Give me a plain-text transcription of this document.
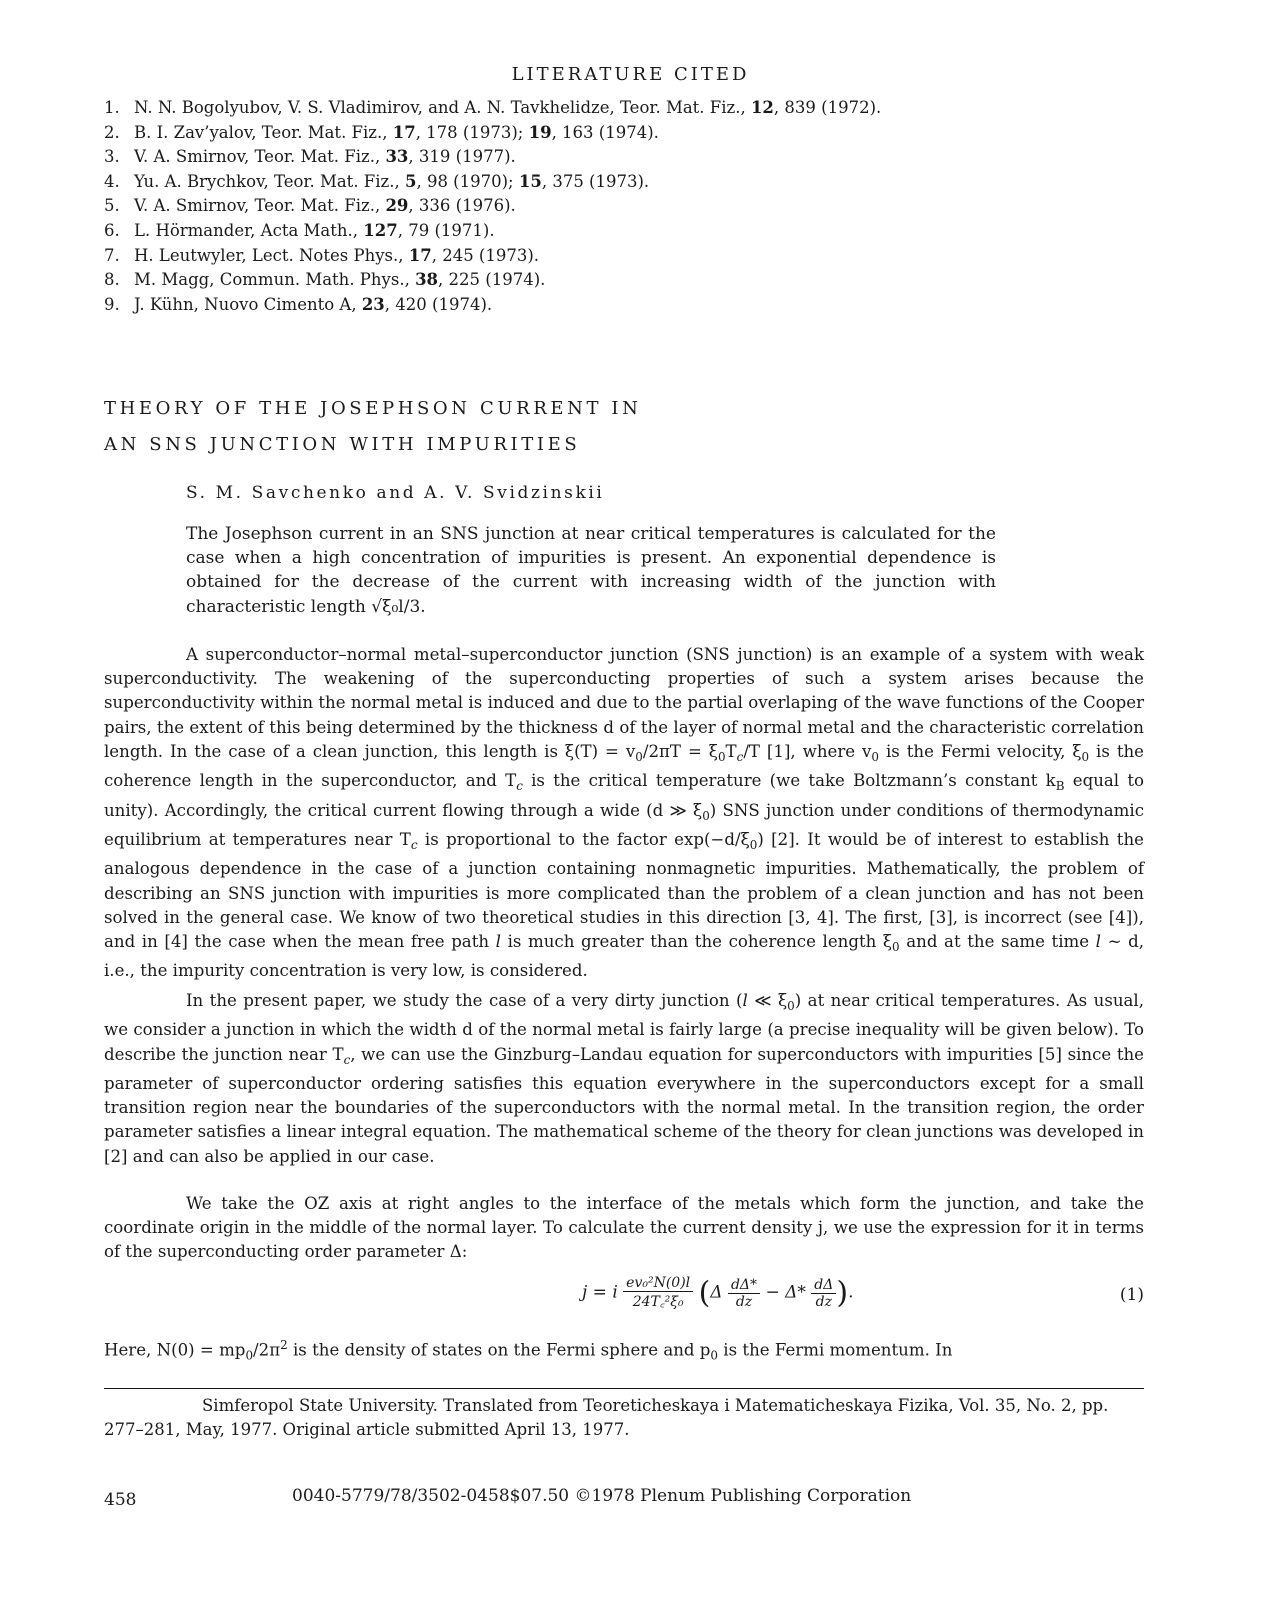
LITERATURE CITED
1. N. N. Bogolyubov, V. S. Vladimirov, and A. N. Tavkhelidze, Teor. Mat. Fiz., 12, 839 (1972).
2. B. I. Zav’yalov, Teor. Mat. Fiz., 17, 178 (1973); 19, 163 (1974).
3. V. A. Smirnov, Teor. Mat. Fiz., 33, 319 (1977).
4. Yu. A. Brychkov, Teor. Mat. Fiz., 5, 98 (1970); 15, 375 (1973).
5. V. A. Smirnov, Teor. Mat. Fiz., 29, 336 (1976).
6. L. Hörmander, Acta Math., 127, 79 (1971).
7. H. Leutwyler, Lect. Notes Phys., 17, 245 (1973).
8. M. Magg, Commun. Math. Phys., 38, 225 (1974).
9. J. Kühn, Nuovo Cimento A, 23, 420 (1974).
THEORY OF THE JOSEPHSON CURRENT IN
AN SNS JUNCTION WITH IMPURITIES
S. M. Savchenko and A. V. Svidzinskii

The Josephson current in an SNS junction at near critical temperatures is calculated for the case when a high concentration of impurities is present. An exponential dependence is obtained for the decrease of the current with increasing width of the junction with characteristic length √ξ₀l/3.

A superconductor–normal metal–superconductor junction (SNS junction) is an example of a system with weak superconductivity. The weakening of the superconducting properties of such a system arises because the superconductivity within the normal metal is induced and due to the partial overlaping of the wave functions of the Cooper pairs, the extent of this being determined by the thickness d of the layer of normal metal and the characteristic correlation length. In the case of a clean junction, this length is $\xi(T) = v_0/2\pi T = \xi_0T_c/T$ [1], where $v_0$ is the Fermi velocity, $\xi_0$ is the coherence length in the superconductor, and $T_c$ is the critical temperature (we take Boltzmann’s constant $k_B$ equal to unity). Accordingly, the critical current flowing through a wide (d ≫ $\xi_0$) SNS junction under conditions of thermodynamic equilibrium at temperatures near $T_c$ is proportional to the factor $\exp(-d/\xi_0)$ [2]. It would be of interest to establish the analogous dependence in the case of a junction containing nonmagnetic impurities. Mathematically, the problem of describing an SNS junction with impurities is more complicated than the problem of a clean junction and has not been solved in the general case. We know of two theoretical studies in this direction [3, 4]. The first, [3], is incorrect (see [4]), and in [4] the case when the mean free path l is much greater than the coherence length $\xi_0$ and at the same time l ~ d, i.e., the impurity concentration is very low, is considered.

In the present paper, we study the case of a very dirty junction (l ≪ $\xi_0$) at near critical temperatures. As usual, we consider a junction in which the width d of the normal metal is fairly large (a precise inequality will be given below). To describe the junction near $T_c$, we can use the Ginzburg–Landau equation for superconductors with impurities [5] since the parameter of superconductor ordering satisfies this equation everywhere in the superconductors except for a small transition region near the boundaries of the superconductors with the normal metal. In the transition region, the order parameter satisfies a linear integral equation. The mathematical scheme of the theory for clean junctions was developed in [2] and can also be applied in our case.

We take the OZ axis at right angles to the interface of the metals which form the junction, and take the coordinate origin in the middle of the normal layer. To calculate the current density j, we use the expression for it in terms of the superconducting order parameter Δ:

j = i $\frac{\text{ev₀²N(0)l}}{\text{24T꜀²ξ₀}} (\Delta \frac{d\Delta*}{dz} - \Delta* \frac{d\Delta}{dz}$ ).	(1)

Here, $N(0) = mp_0/2\pi^2$ is the density of states on the Fermi sphere and $p_0$ is the Fermi momentum. In

Simferopol State University. Translated from Teoreticheskaya i Matematicheskaya Fizika, Vol. 35, No. 2, pp. 277–281, May, 1977. Original article submitted April 13, 1977.

458	0040-5779/78/3502-0458$07.50 ©1978 Plenum Publishing Corporation
